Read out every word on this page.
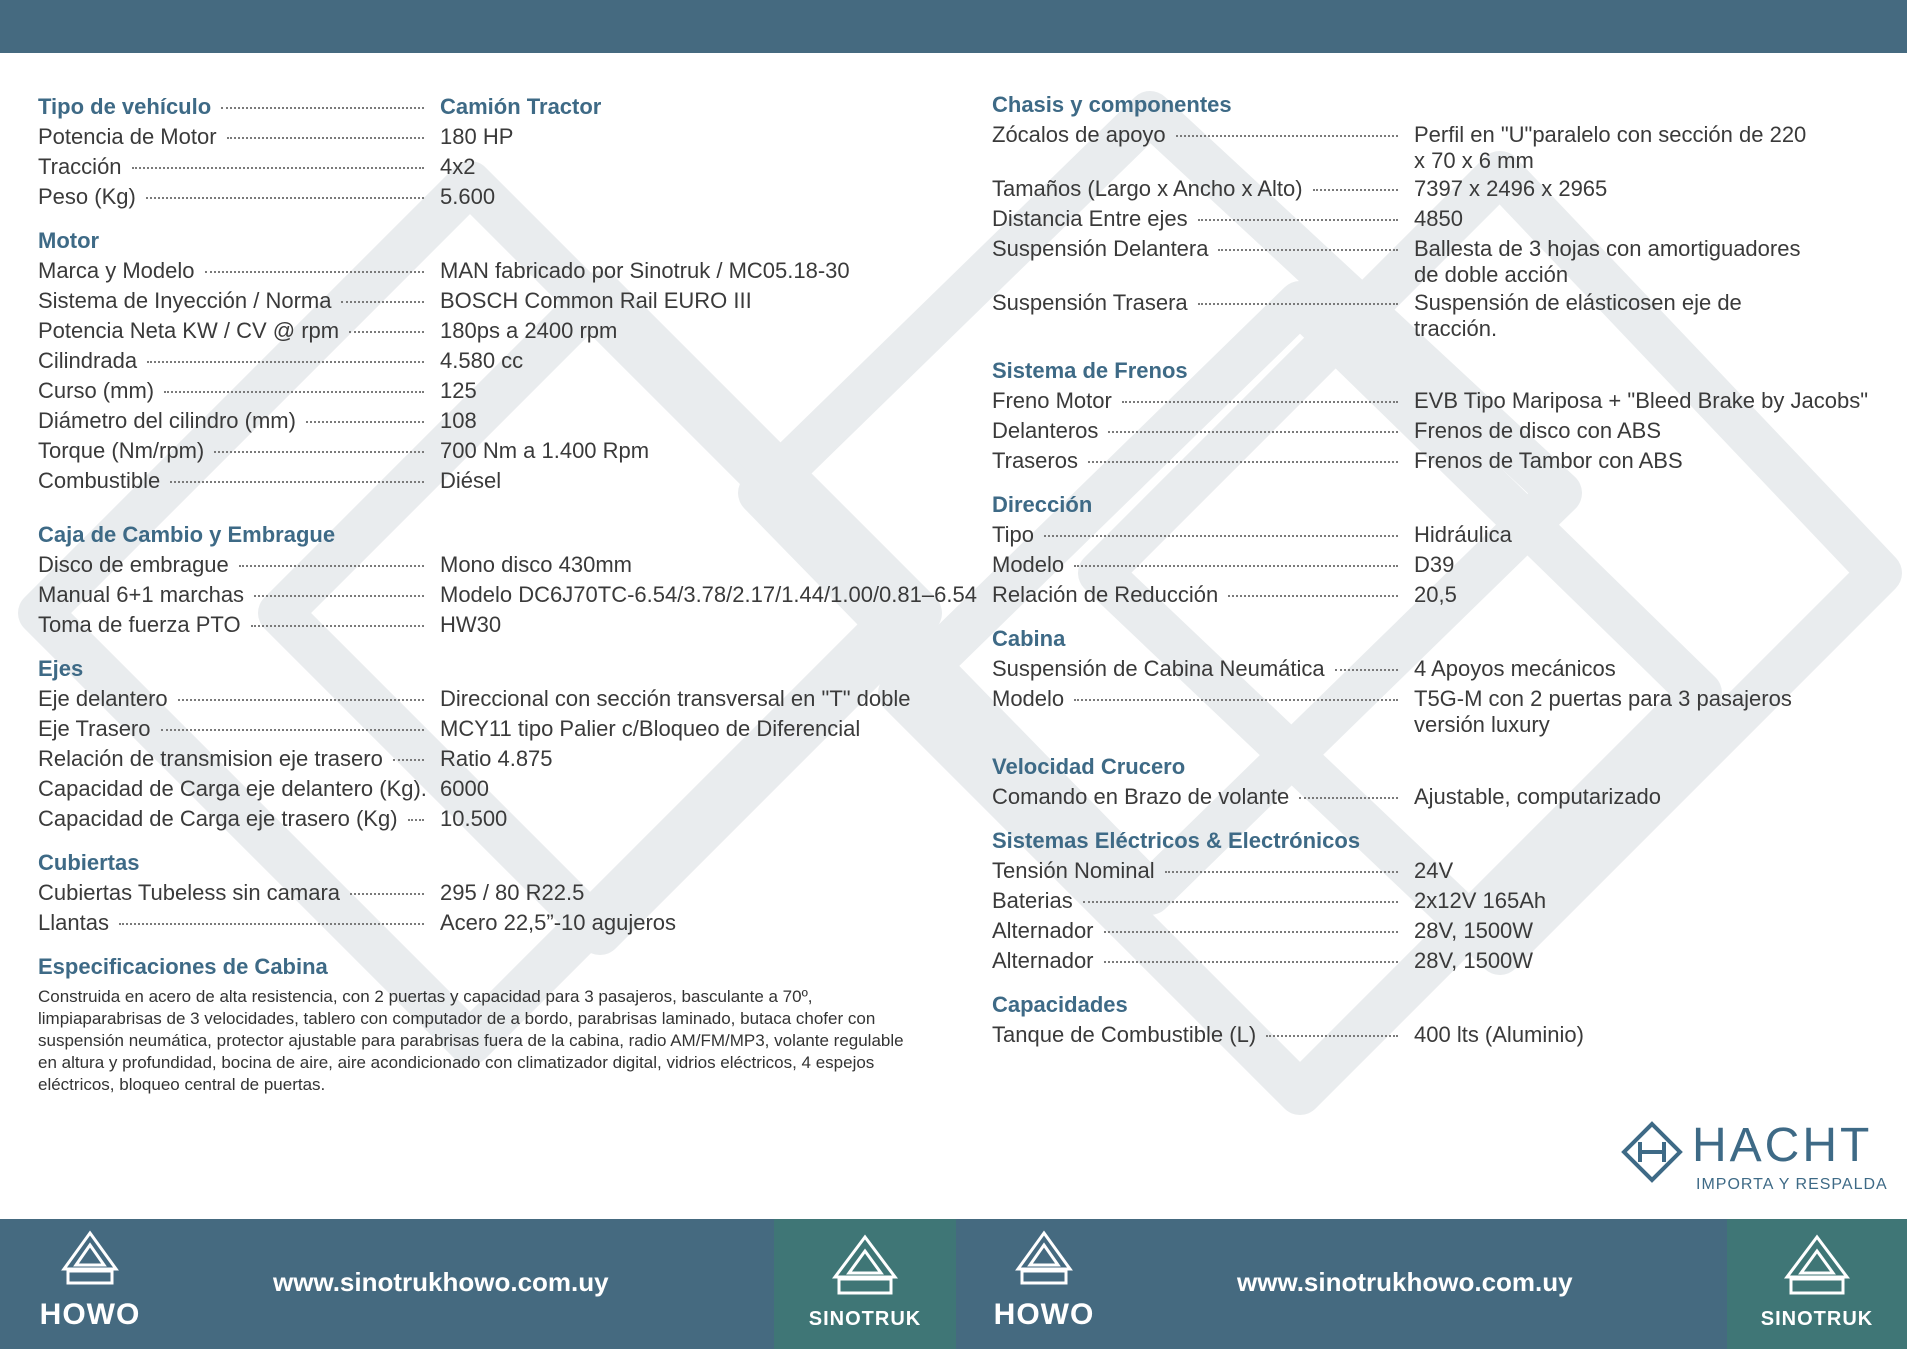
Tipo de vehículo	Camión Tractor
Potencia de Motor	180 HP
Tracción	4x2
Peso (Kg)	5.600
Motor
Marca y Modelo	MAN fabricado por Sinotruk / MC05.18-30
Sistema de Inyección / Norma	BOSCH Common Rail EURO III
Potencia Neta KW / CV @ rpm	180ps a 2400 rpm
Cilindrada	4.580 cc
Curso (mm)	125
Diámetro del cilindro (mm)	108
Torque (Nm/rpm)	700 Nm a 1.400 Rpm
Combustible	Diésel
Caja de Cambio y Embrague
Disco de embrague	Mono disco 430mm
Manual 6+1 marchas	Modelo DC6J70TC-6.54/3.78/2.17/1.44/1.00/0.81–6.54
Toma de fuerza PTO	HW30
Ejes
Eje delantero	Direccional con sección transversal en "T" doble
Eje Trasero	MCY11 tipo Palier c/Bloqueo de Diferencial
Relación de transmision eje trasero	Ratio 4.875
Capacidad de Carga eje delantero (Kg). 6000
Capacidad de Carga eje trasero (Kg) 10.500
Cubiertas
Cubiertas Tubeless sin camara	295 / 80 R22.5
Llantas	Acero 22,5”-10 agujeros
Especificaciones de Cabina
Construida en acero de alta resistencia, con 2 puertas y capacidad para 3 pasajeros, basculante a 70º, limpiaparabrisas de 3 velocidades, tablero con computador de a bordo, parabrisas laminado, butaca chofer con suspensión neumática, protector ajustable para parabrisas fuera de la cabina, radio AM/FM/MP3, volante regulable en altura y profundidad, bocina de aire, aire acondicionado con climatizador digital, vidrios eléctricos, 4 espejos eléctricos, bloqueo central de puertas.
Chasis y componentes
Zócalos de apoyo	Perfil en "U"paralelo con sección de 220 x 70 x 6 mm
Tamaños (Largo x Ancho x Alto)	7397 x 2496 x 2965
Distancia Entre ejes	4850
Suspensión Delantera	Ballesta de 3 hojas con amortiguadores de doble acción
Suspensión Trasera	Suspensión de elásticosen eje de tracción.
Sistema de Frenos
Freno Motor	EVB Tipo Mariposa + "Bleed Brake by Jacobs"
Delanteros	Frenos de disco con ABS
Traseros	Frenos de Tambor con ABS
Dirección
Tipo	Hidráulica
Modelo	D39
Relación de Reducción	20,5
Cabina
Suspensión de Cabina Neumática	4 Apoyos mecánicos
Modelo	T5G-M con 2 puertas para 3 pasajeros versión luxury
Velocidad Crucero
Comando en Brazo de volante	Ajustable, computarizado
Sistemas Eléctricos & Electrónicos
Tensión Nominal	24V
Baterias	2x12V 165Ah
Alternador	28V, 1500W
Alternador	28V, 1500W
Capacidades
Tanque de Combustible (L)	400 lts (Aluminio)
HACHT
IMPORTA Y RESPALDA
HOWO
www.sinotrukhowo.com.uy
SINOTRUK	HOWO
www.sinotrukhowo.com.uy
SINOTRUK
